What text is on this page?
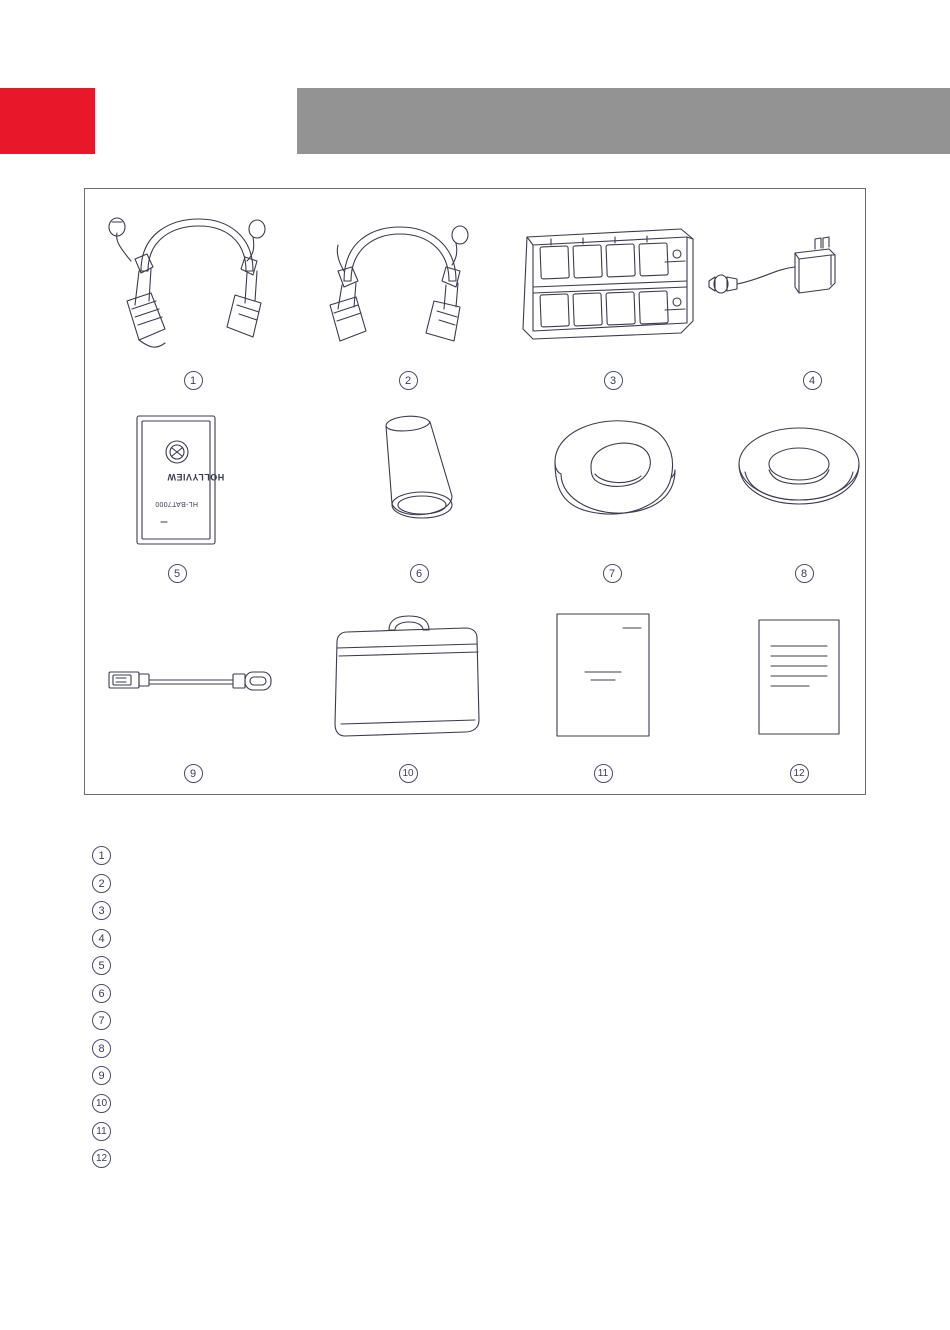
1	2	3	4
HOLLYVIEW
HL-BAT7000
5	6	7	8
9	10	11	12
1
2
3
4
5
6
7
8
9
10
11
12
